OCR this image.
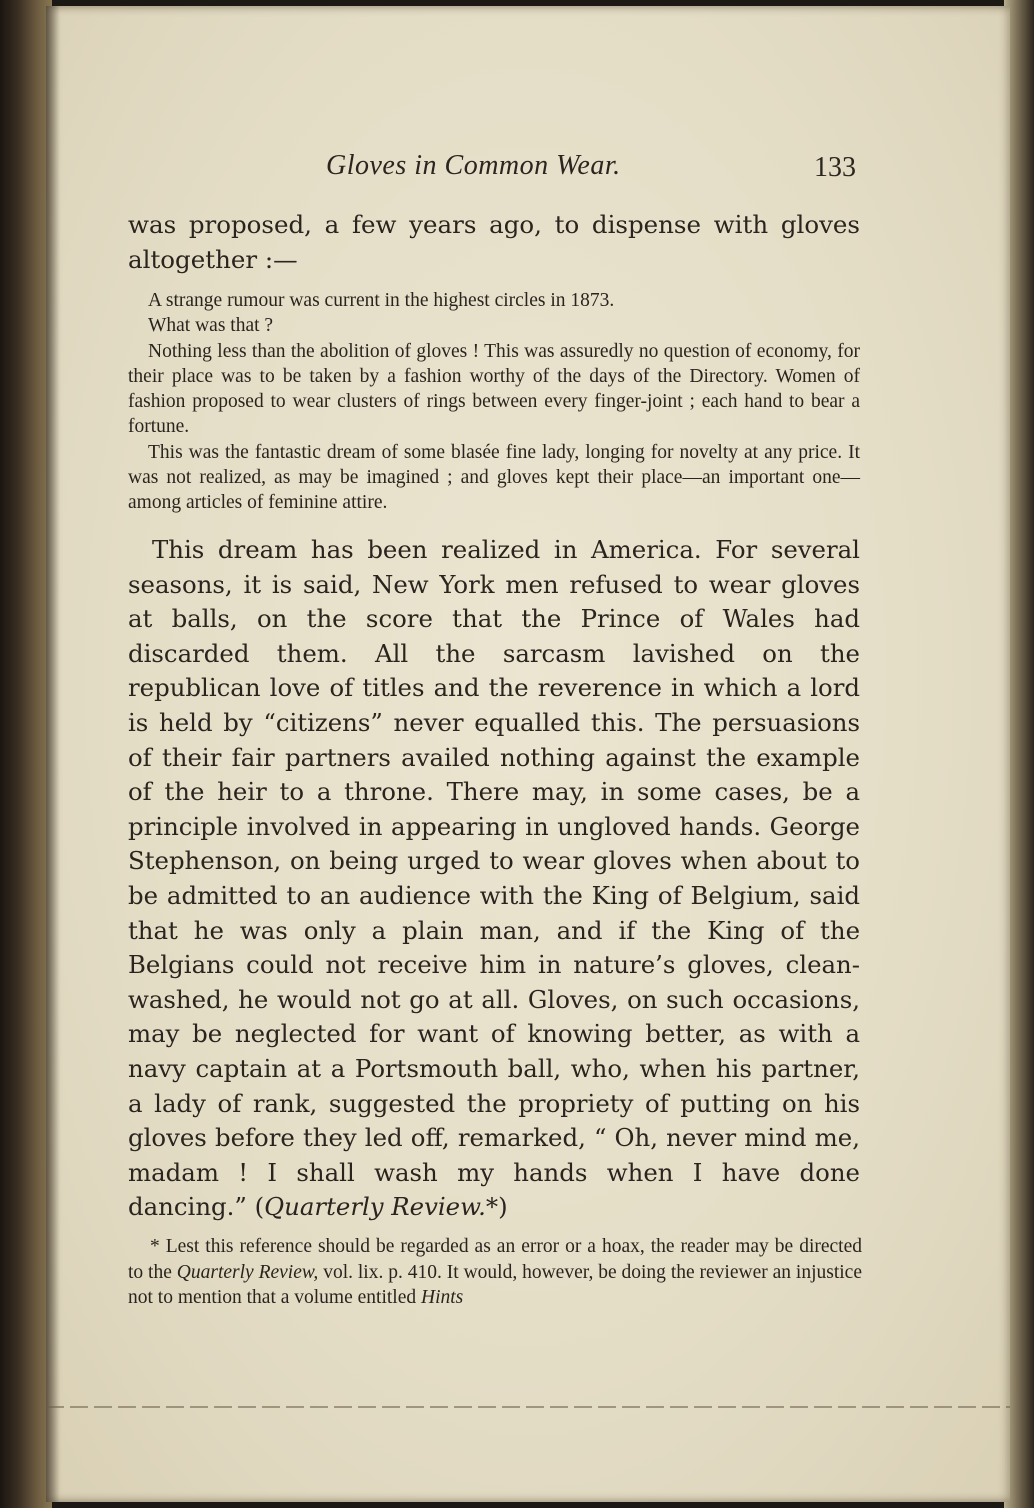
Gloves in Common Wear.	133
was proposed, a few years ago, to dispense with gloves altogether :—

A strange rumour was current in the highest circles in 1873.

What was that ?

Nothing less than the abolition of gloves ! This was assuredly no question of economy, for their place was to be taken by a fashion worthy of the days of the Directory. Women of fashion proposed to wear clusters of rings between every finger-joint ; each hand to bear a fortune.

This was the fantastic dream of some blasée fine lady, longing for novelty at any price. It was not realized, as may be imagined ; and gloves kept their place—an important one—among articles of feminine attire.

This dream has been realized in America. For several seasons, it is said, New York men refused to wear gloves at balls, on the score that the Prince of Wales had discarded them. All the sarcasm lavished on the republican love of titles and the reverence in which a lord is held by “citizens” never equalled this. The persuasions of their fair partners availed nothing against the example of the heir to a throne. There may, in some cases, be a principle involved in appearing in ungloved hands. George Stephenson, on being urged to wear gloves when about to be admitted to an audience with the King of Belgium, said that he was only a plain man, and if the King of the Belgians could not receive him in nature’s gloves, clean-washed, he would not go at all. Gloves, on such occasions, may be neglected for want of knowing better, as with a navy captain at a Portsmouth ball, who, when his partner, a lady of rank, suggested the propriety of putting on his gloves before they led off, remarked, “ Oh, never mind me, madam ! I shall wash my hands when I have done dancing.” (Quarterly Review.*)
* Lest this reference should be regarded as an error or a hoax, the reader may be directed to the Quarterly Review, vol. lix. p. 410. It would, however, be doing the reviewer an injustice not to mention that a volume entitled Hints
